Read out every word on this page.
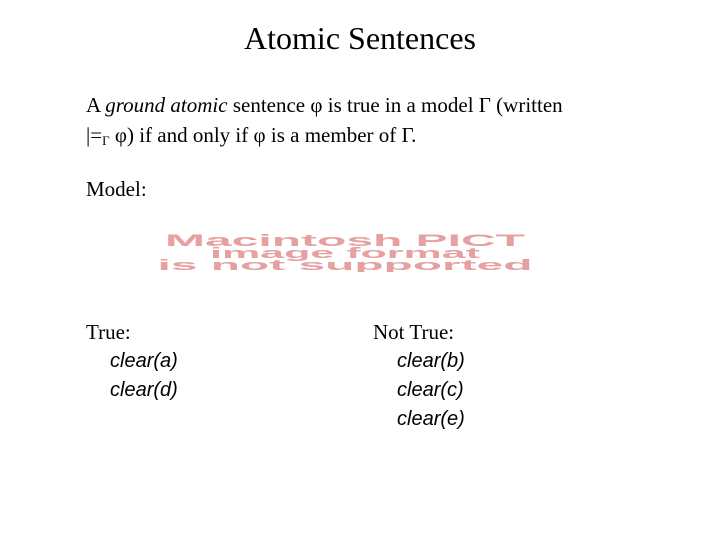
Atomic Sentences
A ground atomic sentence φ is true in a model Γ (written
$|=_\Gamma$ φ) if and only if φ is a member of Γ.
Model:
Macintosh PICT
image format
is not supported
True:
clear(a)
clear(d)
Not True:
clear(b)
clear(c)
clear(e)
